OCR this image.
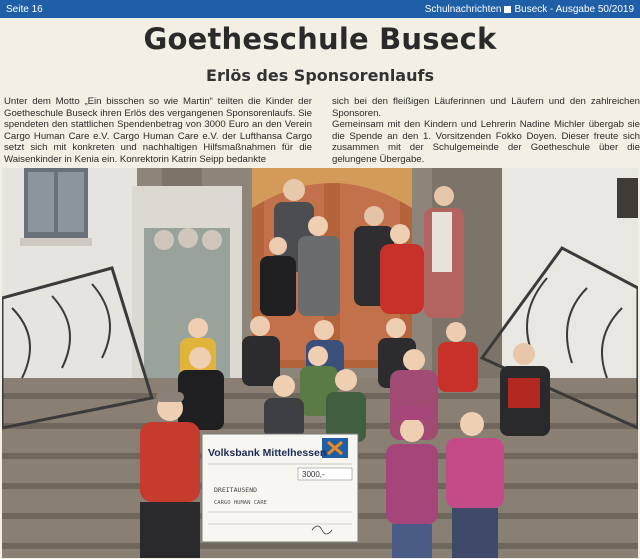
Seite 16	Schulnachrichten Buseck - Ausgabe 50/2019
Goetheschule Buseck
Erlös des Sponsorenlaufs

Unter dem Motto „Ein bisschen so wie Martin“ teilten die Kinder der Goetheschule Buseck ihren Erlös des vergangenen Sponsorenlaufs. Sie spendeten den stattlichen Spendenbetrag von 3000 Euro an den Verein Cargo Human Care e.V. Cargo Human Care e.V. der Lufthansa Cargo setzt sich mit konkreten und nachhaltigen Hilfsmaßnahmen für die Waisenkinder in Kenia ein. Konrektorin Katrin Seipp bedankte

sich bei den fleißigen Läuferinnen und Läufern und den zahlreichen Sponsoren.

Gemeinsam mit den Kindern und Lehrerin Nadine Michler übergab sie die Spende an den 1. Vorsitzenden Fokko Doyen. Dieser freute sich zusammen mit der Schulgemeinde der Goetheschule über die gelungene Übergabe.

Volksbank Mittelhessen
3000,-
DREITAUSEND
CARGO HUMAN CARE
